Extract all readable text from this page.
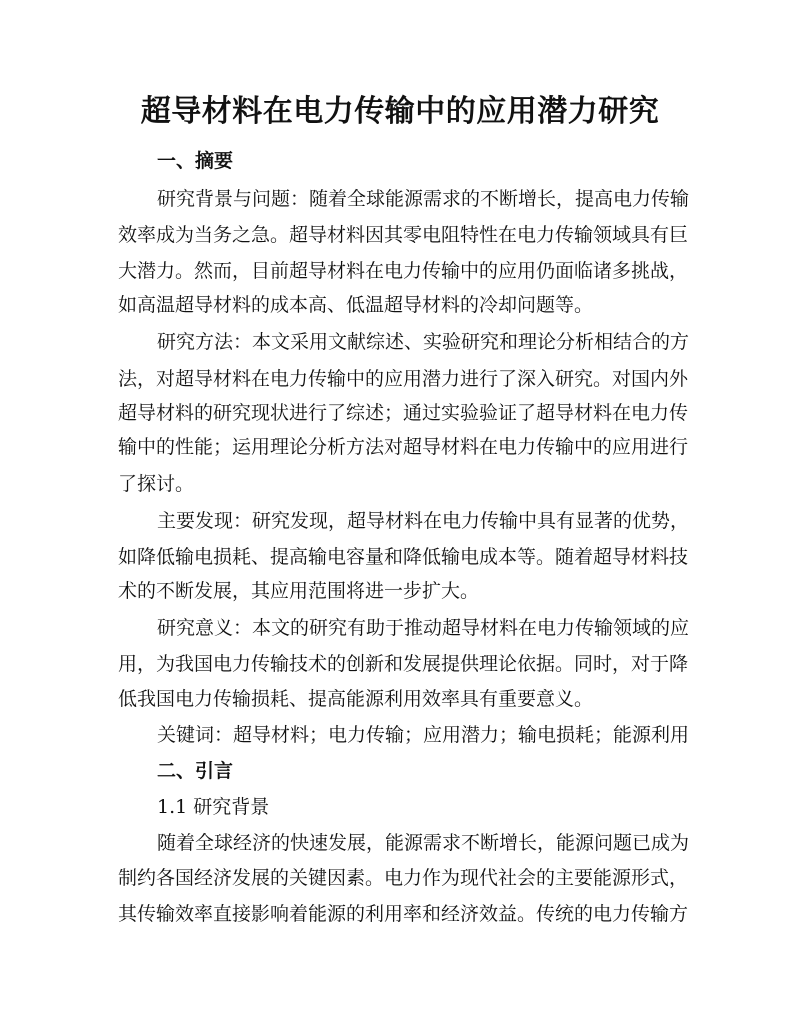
超导材料在电力传输中的应用潜力研究
一、摘要
研究背景与问题：随着全球能源需求的不断增长，提高电力传输
效率成为当务之急。超导材料因其零电阻特性在电力传输领域具有巨
大潜力。然而，目前超导材料在电力传输中的应用仍面临诸多挑战，
如高温超导材料的成本高、低温超导材料的冷却问题等。
研究方法：本文采用文献综述、实验研究和理论分析相结合的方
法，对超导材料在电力传输中的应用潜力进行了深入研究。对国内外
超导材料的研究现状进行了综述；通过实验验证了超导材料在电力传
输中的性能；运用理论分析方法对超导材料在电力传输中的应用进行
了探讨。
主要发现：研究发现，超导材料在电力传输中具有显著的优势，
如降低输电损耗、提高输电容量和降低输电成本等。随着超导材料技
术的不断发展，其应用范围将进一步扩大。
研究意义：本文的研究有助于推动超导材料在电力传输领域的应
用，为我国电力传输技术的创新和发展提供理论依据。同时，对于降
低我国电力传输损耗、提高能源利用效率具有重要意义。
关键词：超导材料；电力传输；应用潜力；输电损耗；能源利用
二、引言
1.1 研究背景
随着全球经济的快速发展，能源需求不断增长，能源问题已成为
制约各国经济发展的关键因素。电力作为现代社会的主要能源形式，
其传输效率直接影响着能源的利用率和经济效益。传统的电力传输方
